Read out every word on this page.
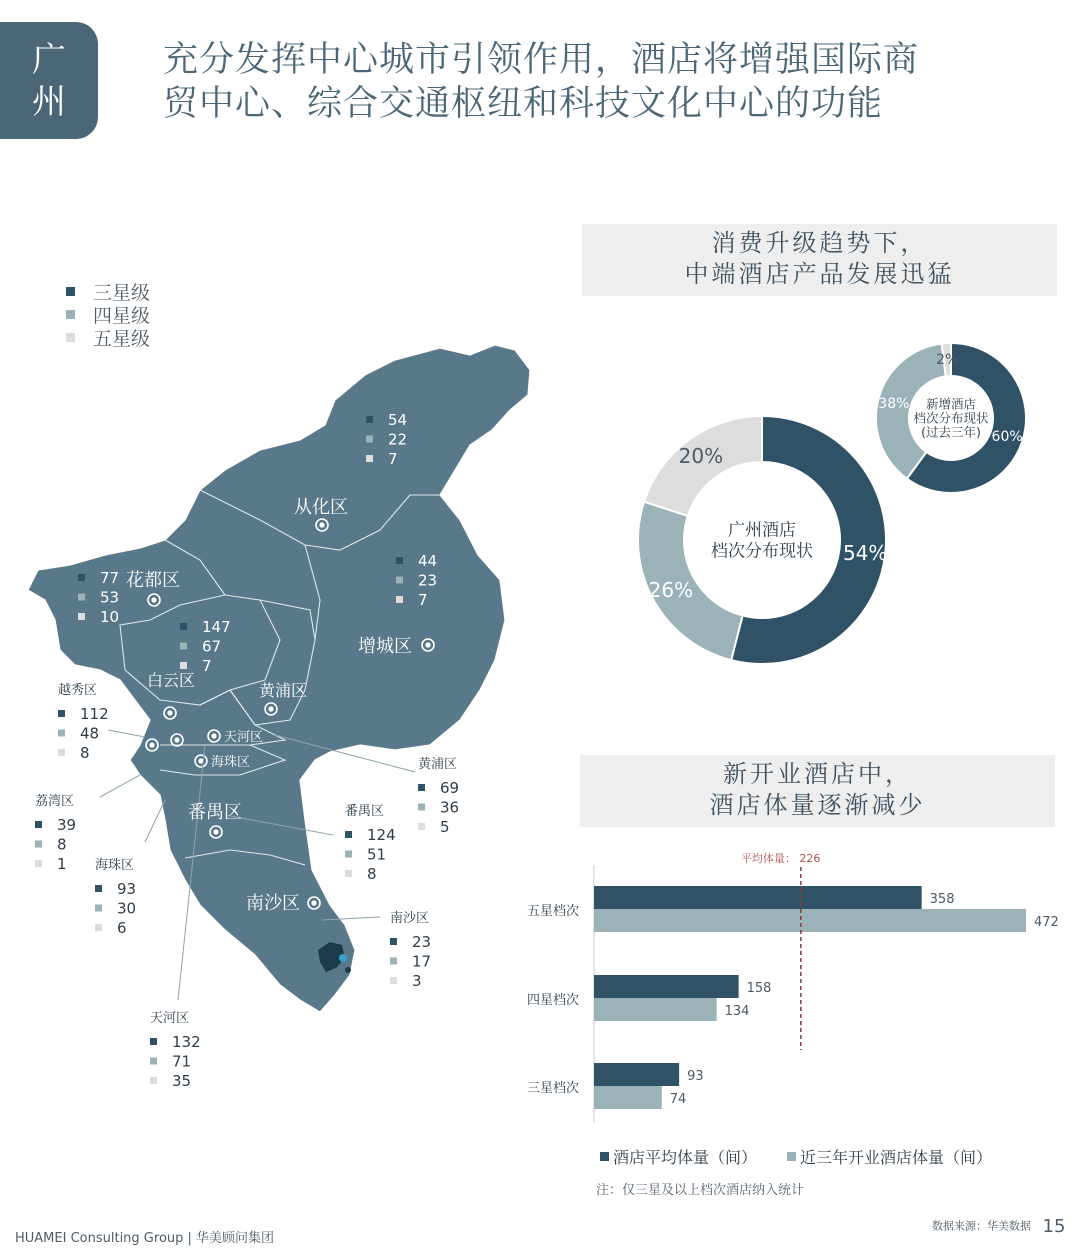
广
州
充分发挥中心城市引领作用，酒店将增强国际商
贸中心、综合交通枢纽和科技文化中心的功能
三星级
四星级
五星级
从化区
增城区
花都区
白云区
黄浦区
天河区
海珠区
番禺区
南沙区
54
22
7
44
23
7
77
53
10
147
67
7
黄浦区
69
36
5
越秀区
112
48
8
荔湾区
39
8
1 海珠区
93
30
6
番禺区
124
51
8
南沙区
23
17
3
天河区
132
71
35
消费升级趋势下，
中端酒店产品发展迅猛
54%
26%
20%
广州酒店
档次分布现状
60%
38%
2%
新增酒店
档次分布现状
(过去三年)
新开业酒店中，
酒店体量逐渐减少
五星档次
358
472
四星档次
158
134
三星档次
93
74
平均体量： 226
酒店平均体量（间）	近三年开业酒店体量（间）
注：仅三星及以上档次酒店纳入统计
HUAMEI Consulting Group | 华美顾问集团
数据来源：华美数据 15
